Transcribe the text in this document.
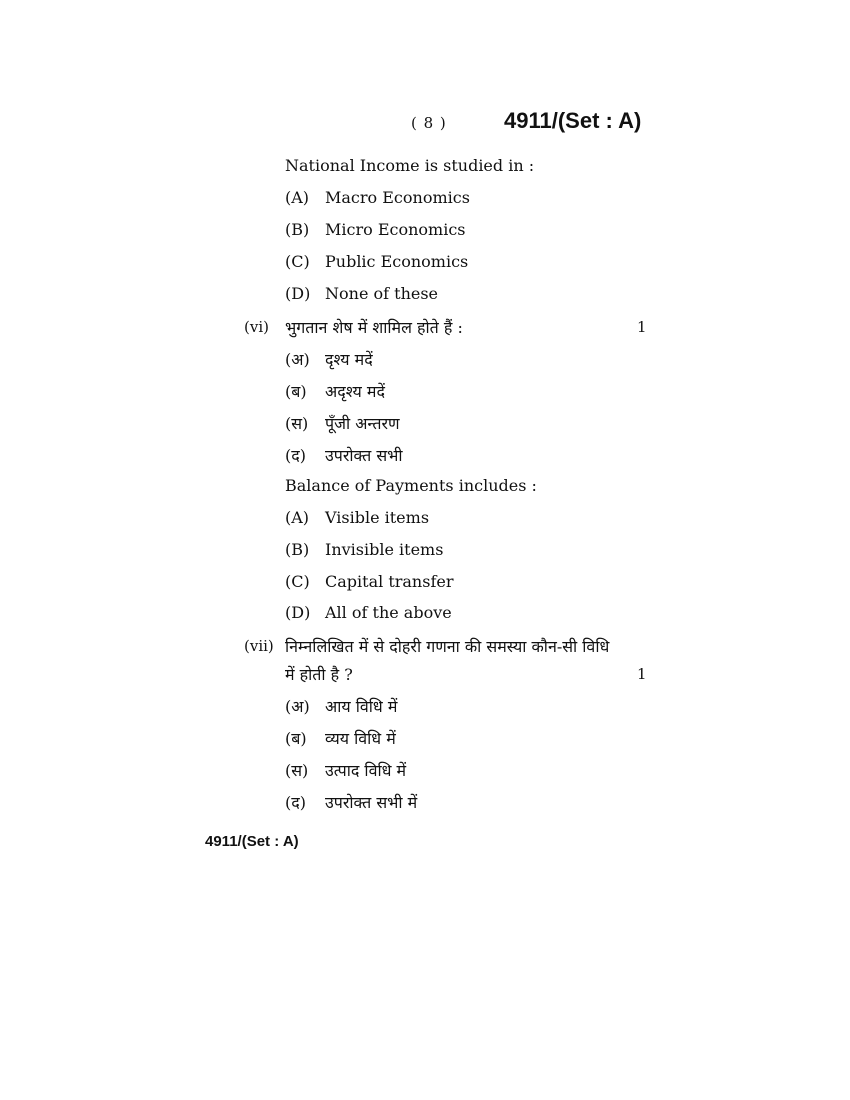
( 8 )	4911/(Set : A)
National Income is studied in :
(A) Macro Economics
(B) Micro Economics
(C) Public Economics
(D) None of these
(vi) भुगतान शेष में शामिल होते हैं :	1
(अ) दृश्य मदें
(ब) अदृश्य मदें
(स) पूँजी अन्तरण
(द) उपरोक्त सभी
Balance of Payments includes :
(A) Visible items
(B) Invisible items
(C) Capital transfer
(D) All of the above
(vii) निम्नलिखित में से दोहरी गणना की समस्या कौन-सी विधि
में होती है ?	1
(अ) आय विधि में
(ब) व्यय विधि में
(स) उत्पाद विधि में
(द) उपरोक्त सभी में
4911/(Set : A)
